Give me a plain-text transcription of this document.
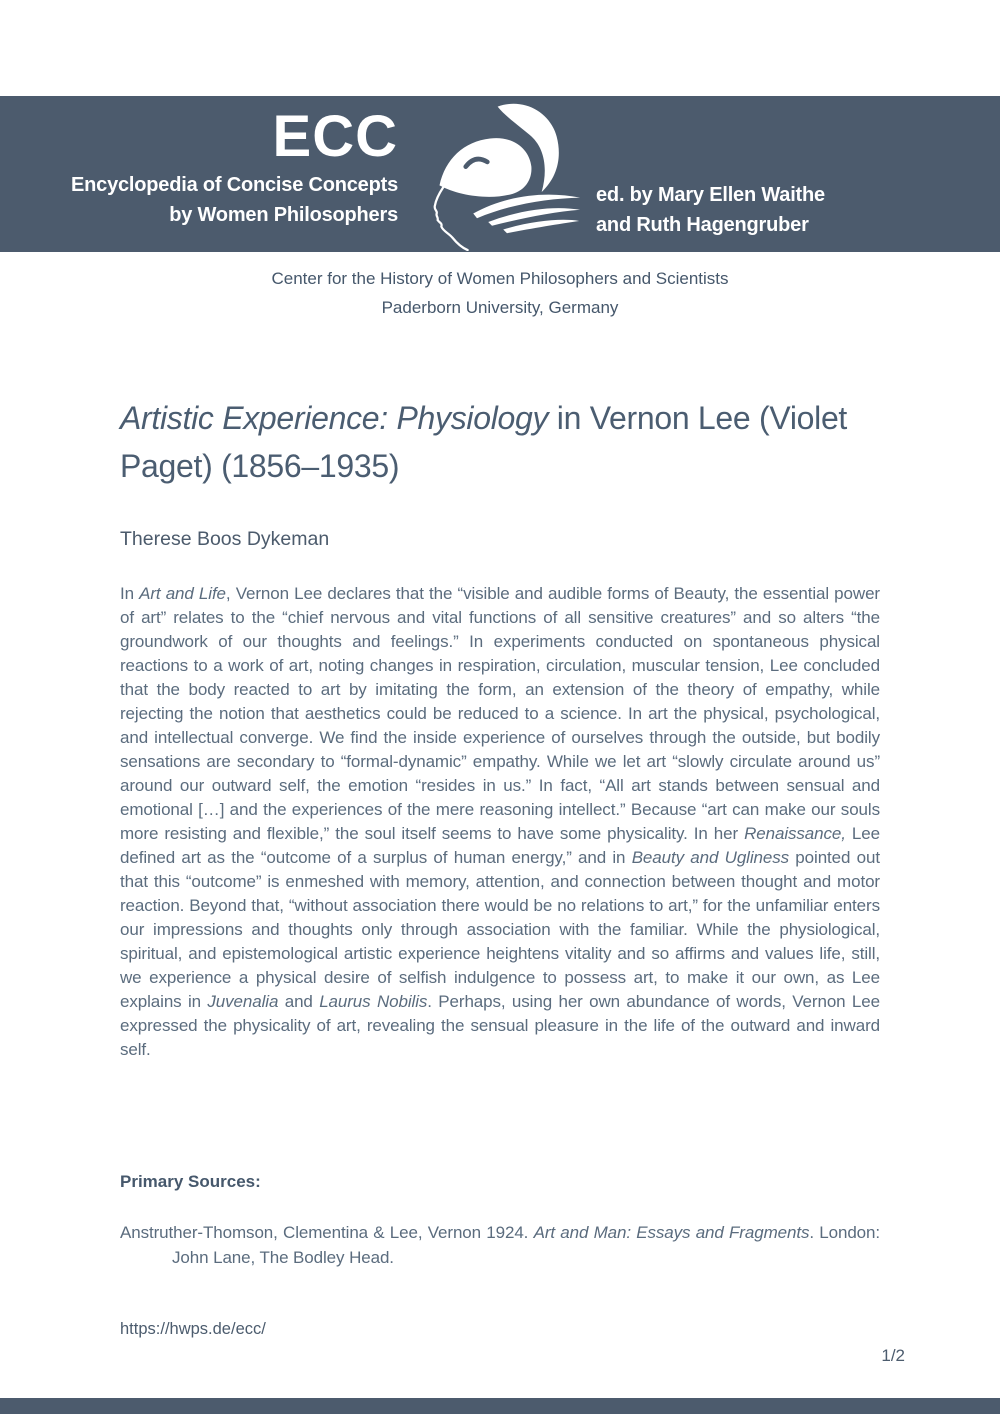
ECC
Encyclopedia of Concise Concepts
by Women Philosophers
ed. by Mary Ellen Waithe
and Ruth Hagengruber
Center for the History of Women Philosophers and Scientists
Paderborn University, Germany
Artistic Experience: Physiology in Vernon Lee (Violet Paget) (1856–1935)
Therese Boos Dykeman

In Art and Life, Vernon Lee declares that the “visible and audible forms of Beauty, the essential power of art” relates to the “chief nervous and vital functions of all sensitive creatures” and so alters “the groundwork of our thoughts and feelings.” In experiments conducted on spontaneous physical reactions to a work of art, noting changes in respiration, circulation, muscular tension, Lee concluded that the body reacted to art by imitating the form, an extension of the theory of empathy, while rejecting the notion that aesthetics could be reduced to a science. In art the physical, psychological, and intellectual converge. We find the inside experience of ourselves through the outside, but bodily sensations are secondary to “formal-dynamic” empathy. While we let art “slowly circulate around us” around our outward self, the emotion “resides in us.” In fact, “All art stands between sensual and emotional […] and the experiences of the mere reasoning intellect.” Because “art can make our souls more resisting and flexible,” the soul itself seems to have some physicality. In her Renaissance, Lee defined art as the “outcome of a surplus of human energy,” and in Beauty and Ugliness pointed out that this “outcome” is enmeshed with memory, attention, and connection between thought and motor reaction. Beyond that, “without association there would be no relations to art,” for the unfamiliar enters our impressions and thoughts only through association with the familiar. While the physiological, spiritual, and epistemological artistic experience heightens vitality and so affirms and values life, still, we experience a physical desire of selfish indulgence to possess art, to make it our own, as Lee explains in Juvenalia and Laurus Nobilis. Perhaps, using her own abundance of words, Vernon Lee expressed the physicality of art, revealing the sensual pleasure in the life of the outward and inward self.

Primary Sources:

Anstruther-Thomson, Clementina & Lee, Vernon 1924. Art and Man: Essays and Fragments. London: John Lane, The Bodley Head.

https://hwps.de/ecc/
1/2
